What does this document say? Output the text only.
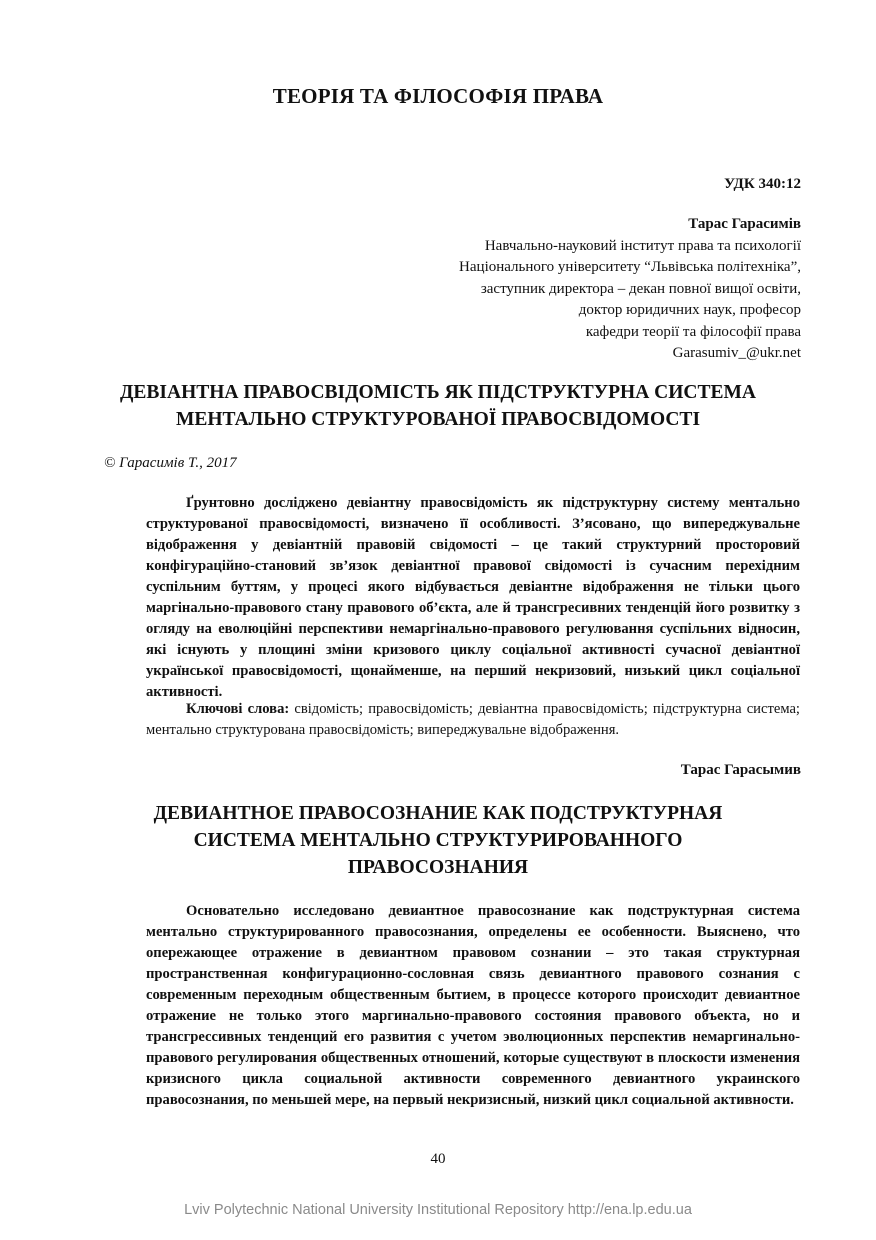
ТЕОРІЯ ТА ФІЛОСОФІЯ ПРАВА
УДК 340:12
Тарас Гарасимів
Навчально-науковий інститут права та психології
Національного університету “Львівська політехніка”,
заступник директора – декан повної вищої освіти,
доктор юридичних наук, професор
кафедри теорії та філософії права
Garasumiv_@ukr.net
ДЕВІАНТНА ПРАВОСВІДОМІСТЬ ЯК ПІДСТРУКТУРНА СИСТЕМА
МЕНТАЛЬНО СТРУКТУРОВАНОЇ ПРАВОСВІДОМОСТІ
© Гарасимів Т., 2017

Ґрунтовно досліджено девіантну правосвідомість як підструктурну систему ментально структурованої правосвідомості, визначено її особливості. З’ясовано, що випереджувальне відображення у девіантній правовій свідомості – це такий структурний просторовий конфігураційно-становий зв’язок девіантної правової свідомості із сучасним перехідним суспільним буттям, у процесі якого відбувається девіантне відображення не тільки цього маргінально-правового стану правового об’єкта, але й трансгресивних тенденцій його розвитку з огляду на еволюційні перспективи немаргінально-правового регулювання суспільних відносин, які існують у площині зміни кризового циклу соціальної активності сучасної девіантної української правосвідомості, щонайменше, на перший некризовий, низький цикл соціальної активності.

Ключові слова: свідомість; правосвідомість; девіантна правосвідомість; підструктурна система; ментально структурована правосвідомість; випереджувальне відображення.
Тарас Гарасымив
ДЕВИАНТНОЕ ПРАВОСОЗНАНИЕ КАК ПОДСТРУКТУРНАЯ
СИСТЕМА МЕНТАЛЬНО СТРУКТУРИРОВАННОГО
ПРАВОСОЗНАНИЯ

Основательно исследовано девиантное правосознание как подструктурная система ментально структурированного правосознания, определены ее особенности. Выяснено, что опережающее отражение в девиантном правовом сознании – это такая структурная пространственная конфигурационно-сословная связь девиантного правового сознания с современным переходным общественным бытием, в процессе которого происходит девиантное отражение не только этого маргинально-правового состояния правового объекта, но и трансгрессивных тенденций его развития с учетом эволюционных перспектив немаргинально-правового регулирования общественных отношений, которые существуют в плоскости изменения кризисного цикла социальной активности современного девиантного украинского правосознания, по меньшей мере, на первый некризисный, низкий цикл социальной активности.

40
Lviv Polytechnic National University Institutional Repository http://ena.lp.edu.ua
